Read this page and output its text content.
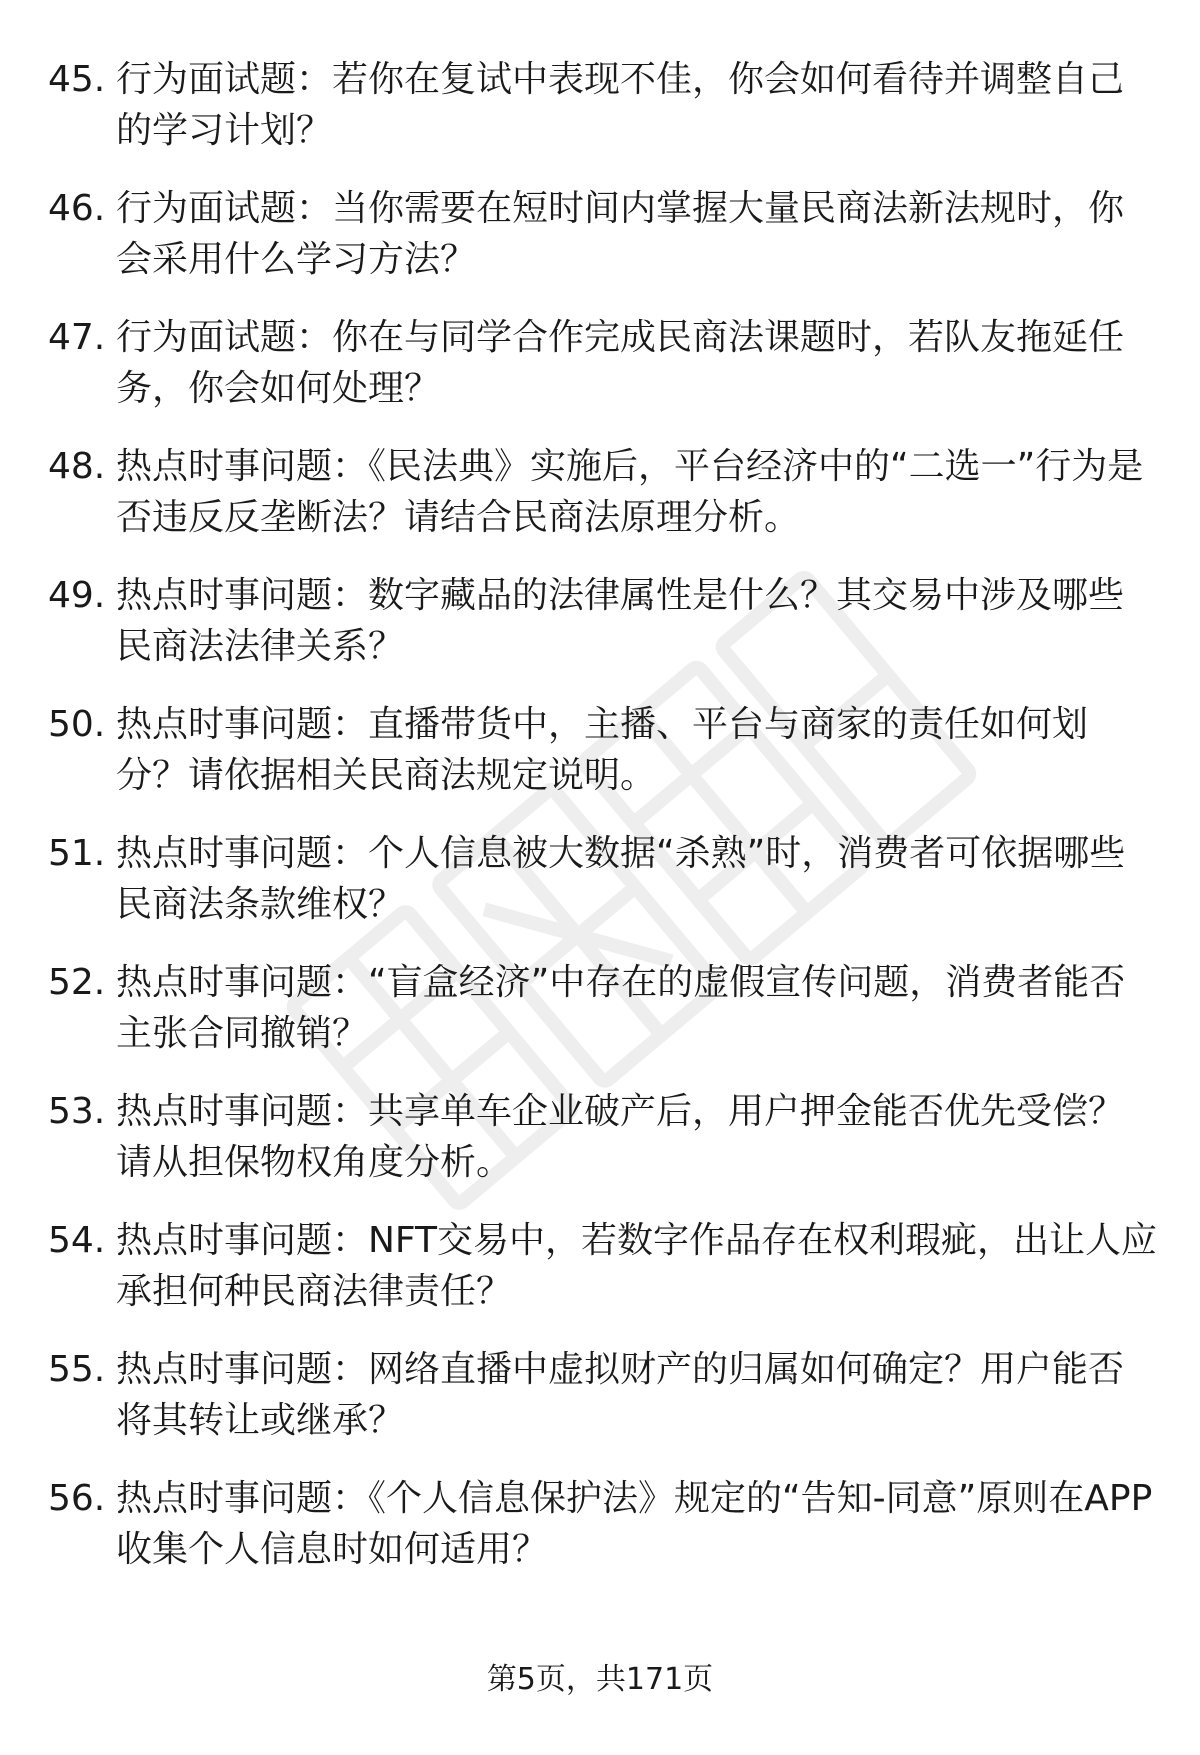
45. 行为面试题：若你在复试中表现不佳，你会如何看待并调整自己的学习计划？
46. 行为面试题：当你需要在短时间内掌握大量民商法新法规时，你会采用什么学习方法？
47. 行为面试题：你在与同学合作完成民商法课题时，若队友拖延任务，你会如何处理？
48. 热点时事问题：《民法典》实施后，平台经济中的“二选一”行为是否违反反垄断法？请结合民商法原理分析。
49. 热点时事问题：数字藏品的法律属性是什么？其交易中涉及哪些民商法法律关系？
50. 热点时事问题：直播带货中，主播、平台与商家的责任如何划分？请依据相关民商法规定说明。
51. 热点时事问题：个人信息被大数据“杀熟”时，消费者可依据哪些民商法条款维权？
52. 热点时事问题：“盲盒经济”中存在的虚假宣传问题，消费者能否主张合同撤销？
53. 热点时事问题：共享单车企业破产后，用户押金能否优先受偿？请从担保物权角度分析。
54. 热点时事问题：NFT交易中，若数字作品存在权利瑕疵，出让人应承担何种民商法律责任？
55. 热点时事问题：网络直播中虚拟财产的归属如何确定？用户能否将其转让或继承？
56. 热点时事问题：《个人信息保护法》规定的“告知-同意”原则在APP收集个人信息时如何适用？
第5页，共171页
